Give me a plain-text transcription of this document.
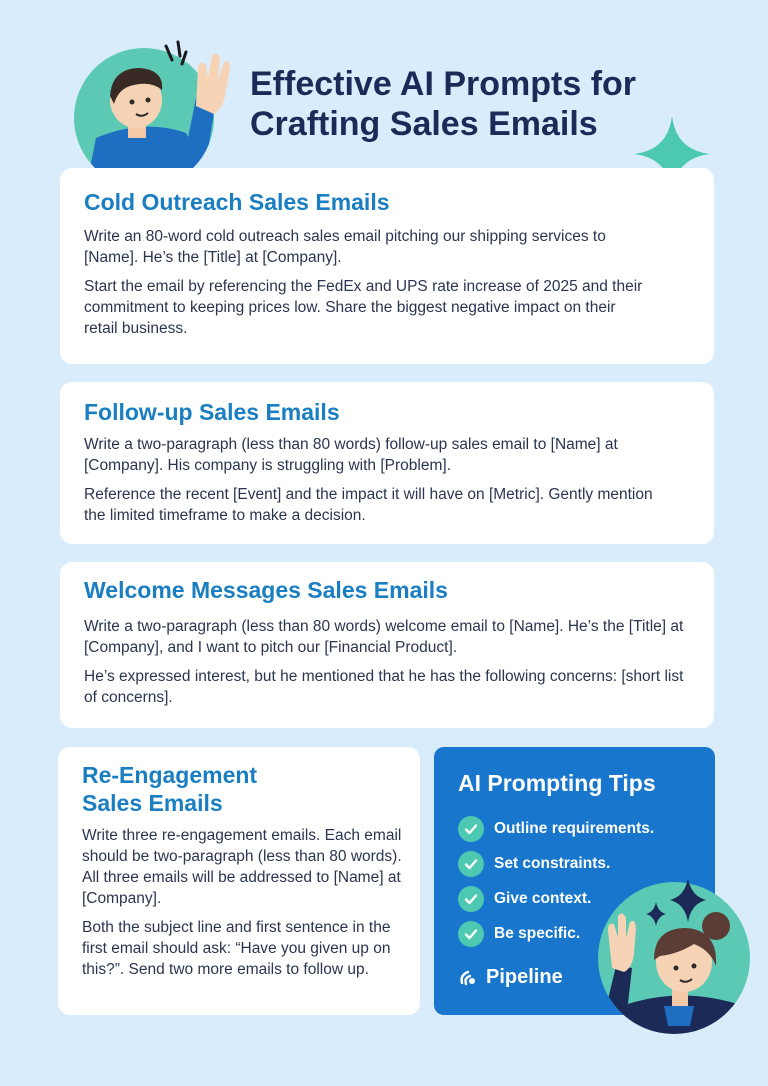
Effective AI Prompts for
Crafting Sales Emails
Cold Outreach Sales Emails

Write an 80-word cold outreach sales email pitching our shipping services to [Name]. He’s the [Title] at [Company].

Start the email by referencing the FedEx and UPS rate increase of 2025 and their commitment to keeping prices low. Share the biggest negative impact on their retail business.

Follow-up Sales Emails

Write a two-paragraph (less than 80 words) follow-up sales email to [Name] at [Company]. His company is struggling with [Problem].

Reference the recent [Event] and the impact it will have on [Metric]. Gently mention the limited timeframe to make a decision.

Welcome Messages Sales Emails

Write a two-paragraph (less than 80 words) welcome email to [Name]. He’s the [Title] at [Company], and I want to pitch our [Financial Product].

He’s expressed interest, but he mentioned that he has the following concerns: [short list of concerns].

Re-Engagement
Sales Emails

Write three re-engagement emails. Each email should be two-paragraph (less than 80 words). All three emails will be addressed to [Name] at [Company].

Both the subject line and first sentence in the first email should ask: “Have you given up on this?”. Send two more emails to follow up.

AI Prompting Tips
Outline requirements.
Set constraints.
Give context.
Be specific.
Pipeline
